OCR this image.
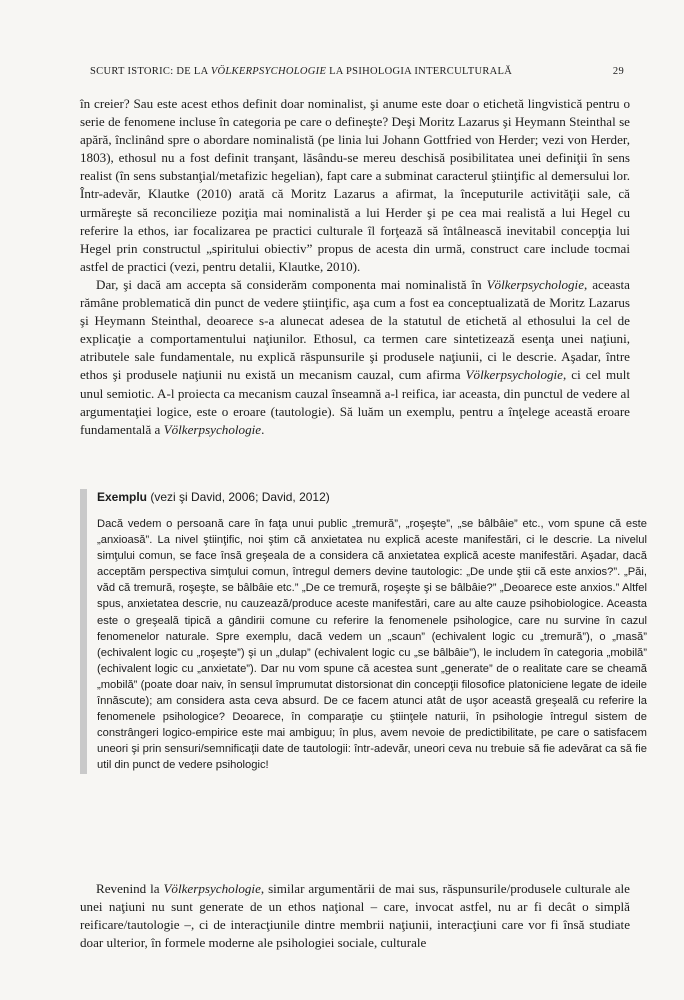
SCURT ISTORIC: DE LA VÖLKERPSYCHOLOGIE LA PSIHOLOGIA INTERCULTURALĂ	29

în creier? Sau este acest ethos definit doar nominalist, şi anume este doar o etichetă lingvistică pentru o serie de fenomene incluse în categoria pe care o defineşte? Deşi Moritz Lazarus şi Heymann Steinthal se apără, înclinând spre o abordare nominalistă (pe linia lui Johann Gottfried von Herder; vezi von Herder, 1803), ethosul nu a fost definit tranşant, lăsându-se mereu deschisă posibilitatea unei definiţii în sens realist (în sens substanţial/metafizic hegelian), fapt care a subminat caracterul ştiinţific al demersului lor. Într-adevăr, Klautke (2010) arată că Moritz Lazarus a afirmat, la începuturile activităţii sale, că urmăreşte să reconcilieze poziţia mai nominalistă a lui Herder şi pe cea mai realistă a lui Hegel cu referire la ethos, iar focalizarea pe practici culturale îl forţează să întâlnească inevitabil concepţia lui Hegel prin constructul „spiritului obiectiv” propus de acesta din urmă, construct care include tocmai astfel de practici (vezi, pentru detalii, Klautke, 2010).

Dar, şi dacă am accepta să considerăm componenta mai nominalistă în Völkerpsychologie, aceasta rămâne problematică din punct de vedere ştiinţific, aşa cum a fost ea conceptualizată de Moritz Lazarus şi Heymann Steinthal, deoarece s-a alunecat adesea de la statutul de etichetă al ethosului la cel de explicaţie a comportamentului naţiunilor. Ethosul, ca termen care sintetizează esenţa unei naţiuni, atributele sale fundamentale, nu explică răspunsurile şi produsele naţiunii, ci le descrie. Aşadar, între ethos şi produsele naţiunii nu există un mecanism cauzal, cum afirma Völkerpsychologie, ci cel mult unul semiotic. A-l proiecta ca mecanism cauzal înseamnă a-l reifica, iar aceasta, din punctul de vedere al argumentaţiei logice, este o eroare (tautologie). Să luăm un exemplu, pentru a înţelege această eroare fundamentală a Völkerpsychologie.

Exemplu (vezi şi David, 2006; David, 2012)

Dacă vedem o persoană care în faţa unui public „tremură”, „roşeşte”, „se bâlbâie” etc., vom spune că este „anxioasă”. La nivel ştiinţific, noi ştim că anxietatea nu explică aceste manifestări, ci le descrie. La nivelul simţului comun, se face însă greşeala de a considera că anxietatea explică aceste manifestări. Aşadar, dacă acceptăm perspectiva simţului comun, întregul demers devine tautologic: „De unde ştii că este anxios?”. „Păi, văd că tremură, roşeşte, se bâlbâie etc.” „De ce tremură, roşeşte şi se bâlbâie?” „Deoarece este anxios.” Altfel spus, anxietatea descrie, nu cauzează/produce aceste manifestări, care au alte cauze psihobiologice. Aceasta este o greşeală tipică a gândirii comune cu referire la fenomenele psihologice, care nu survine în cazul fenomenelor naturale. Spre exemplu, dacă vedem un „scaun” (echivalent logic cu „tremură”), o „masă” (echivalent logic cu „roşeşte”) şi un „dulap” (echivalent logic cu „se bâlbâie”), le includem în categoria „mobilă” (echivalent logic cu „anxietate”). Dar nu vom spune că acestea sunt „generate” de o realitate care se cheamă „mobilă” (poate doar naiv, în sensul împrumutat distorsionat din concepţii filosofice platoniciene legate de ideile înnăscute); am considera asta ceva absurd. De ce facem atunci atât de uşor această greşeală cu referire la fenomenele psihologice? Deoarece, în comparaţie cu ştiinţele naturii, în psihologie întregul sistem de constrângeri logico-empirice este mai ambiguu; în plus, avem nevoie de predictibilitate, pe care o satisfacem uneori şi prin sensuri/semnificaţii date de tautologii: într-adevăr, uneori ceva nu trebuie să fie adevărat ca să fie util din punct de vedere psihologic!

Revenind la Völkerpsychologie, similar argumentării de mai sus, răspunsurile/produsele culturale ale unei naţiuni nu sunt generate de un ethos naţional – care, invocat astfel, nu ar fi decât o simplă reificare/tautologie –, ci de interacţiunile dintre membrii naţiunii, interacţiuni care vor fi însă studiate doar ulterior, în formele moderne ale psihologiei sociale, culturale
